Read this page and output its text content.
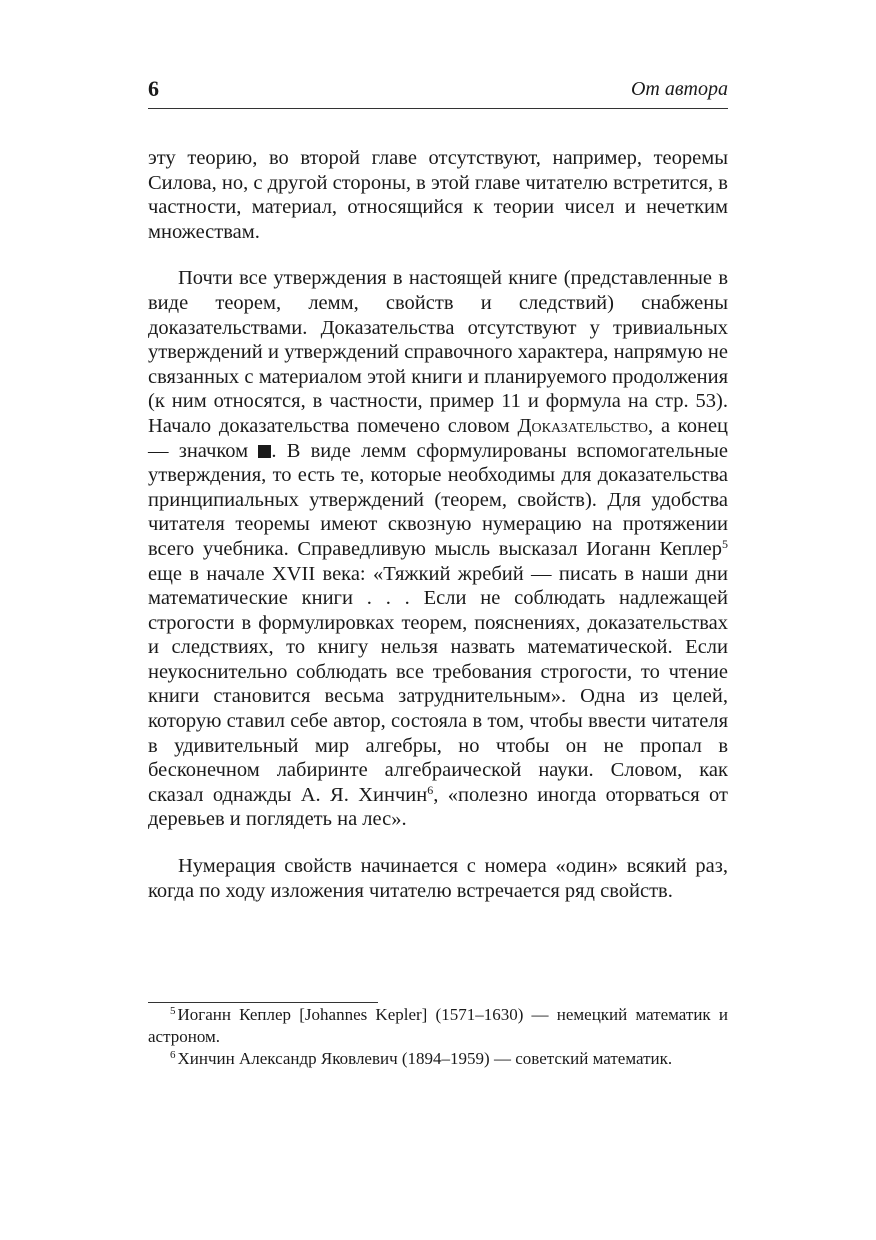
6	От автора

эту теорию, во второй главе отсутствуют, например, теоремы Силова, но, с другой стороны, в этой главе читателю встретится, в частности, материал, относящийся к теории чисел и нечетким множествам.

Почти все утверждения в настоящей книге (представленные в виде теорем, лемм, свойств и следствий) снабжены доказательствами. Доказательства отсутствуют у тривиальных утверждений и утверждений справочного характера, напрямую не связанных с материалом этой книги и планируемого продолжения (к ним относятся, в частности, пример 11 и формула на стр. 53). Начало доказательства помечено словом Доказательство, а конец — значком . В виде лемм сформулированы вспомогательные утверждения, то есть те, которые необходимы для доказательства принципиальных утверждений (теорем, свойств). Для удобства читателя теоремы имеют сквозную нумерацию на протяжении всего учебника. Справедливую мысль высказал Иоганн Кеплер$^5$ еще в начале XVII века: «Тяжкий жребий — писать в наши дни математические книги . . . Если не соблюдать надлежащей строгости в формулировках теорем, пояснениях, доказательствах и следствиях, то книгу нельзя назвать математической. Если неукоснительно соблюдать все требования строгости, то чтение книги становится весьма затруднительным». Одна из целей, которую ставил себе автор, состояла в том, чтобы ввести читателя в удивительный мир алгебры, но чтобы он не пропал в бесконечном лабиринте алгебраической науки. Словом, как сказал однажды А. Я. Хинчин$^6$, «полезно иногда оторваться от деревьев и поглядеть на лес».

Нумерация свойств начинается с номера «один» всякий раз, когда по ходу изложения читателю встречается ряд свойств.

$^5$ Иоганн Кеплер [Johannes Kepler] (1571–1630) — немецкий математик и астроном.

$^6$ Хинчин Александр Яковлевич (1894–1959) — советский математик.
